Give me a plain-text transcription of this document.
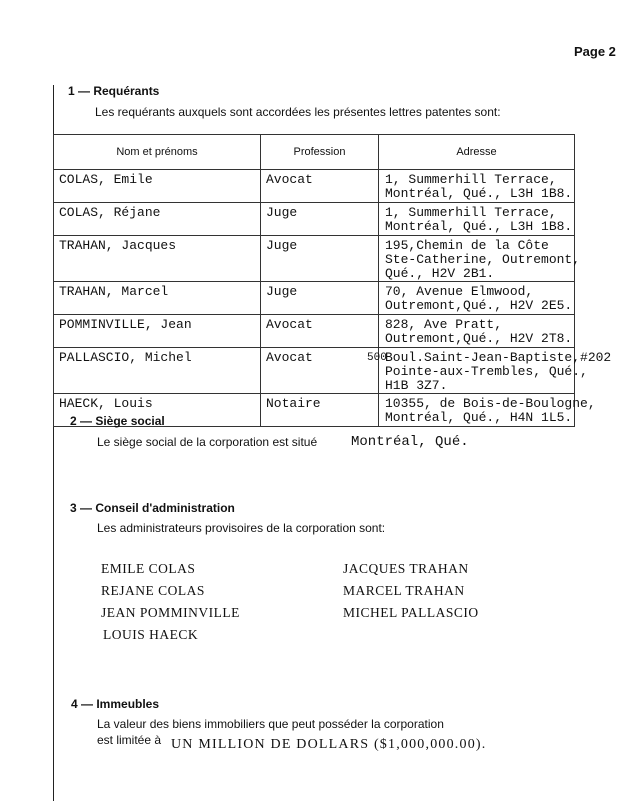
Page 2
1 — Requérants
Les requérants auxquels sont accordées les présentes lettres patentes sont:
Nom et prénoms	Profession	Adresse
COLAS, Emile	Avocat	1, Summerhill Terrace,
Montréal, Qué., L3H 1B8.

COLAS, Réjane	Juge	1, Summerhill Terrace,
Montréal, Qué., L3H 1B8.

TRAHAN, Jacques	Juge	195,Chemin de la Côte
Ste-Catherine, Outremont,
Qué., H2V 2B1.

TRAHAN, Marcel	Juge	70, Avenue Elmwood,
Outremont,Qué., H2V 2E5.

POMMINVILLE, Jean	Avocat	828, Ave Pratt,
Outremont,Qué., H2V 2T8.

PALLASCIO, Michel	Avocat	500
Boul.Saint-Jean-Baptiste,#202
Pointe-aux-Trembles, Qué.,
H1B 3Z7.

HAECK, Louis	Notaire	10355, de Bois-de-Boulogne,
Montréal, Qué., H4N 1L5.
2 — Siège social
Le siège social de la corporation est situé Montréal, Qué.
3 — Conseil d'administration
Les administrateurs provisoires de la corporation sont:
EMILE COLAS
REJANE COLAS
JEAN POMMINVILLE
LOUIS HAECK
JACQUES TRAHAN
MARCEL TRAHAN
MICHEL PALLASCIO
4 — Immeubles
La valeur des biens immobiliers que peut posséder la corporation
est limitée à UN MILLION DE DOLLARS ($1,000,000.00).
